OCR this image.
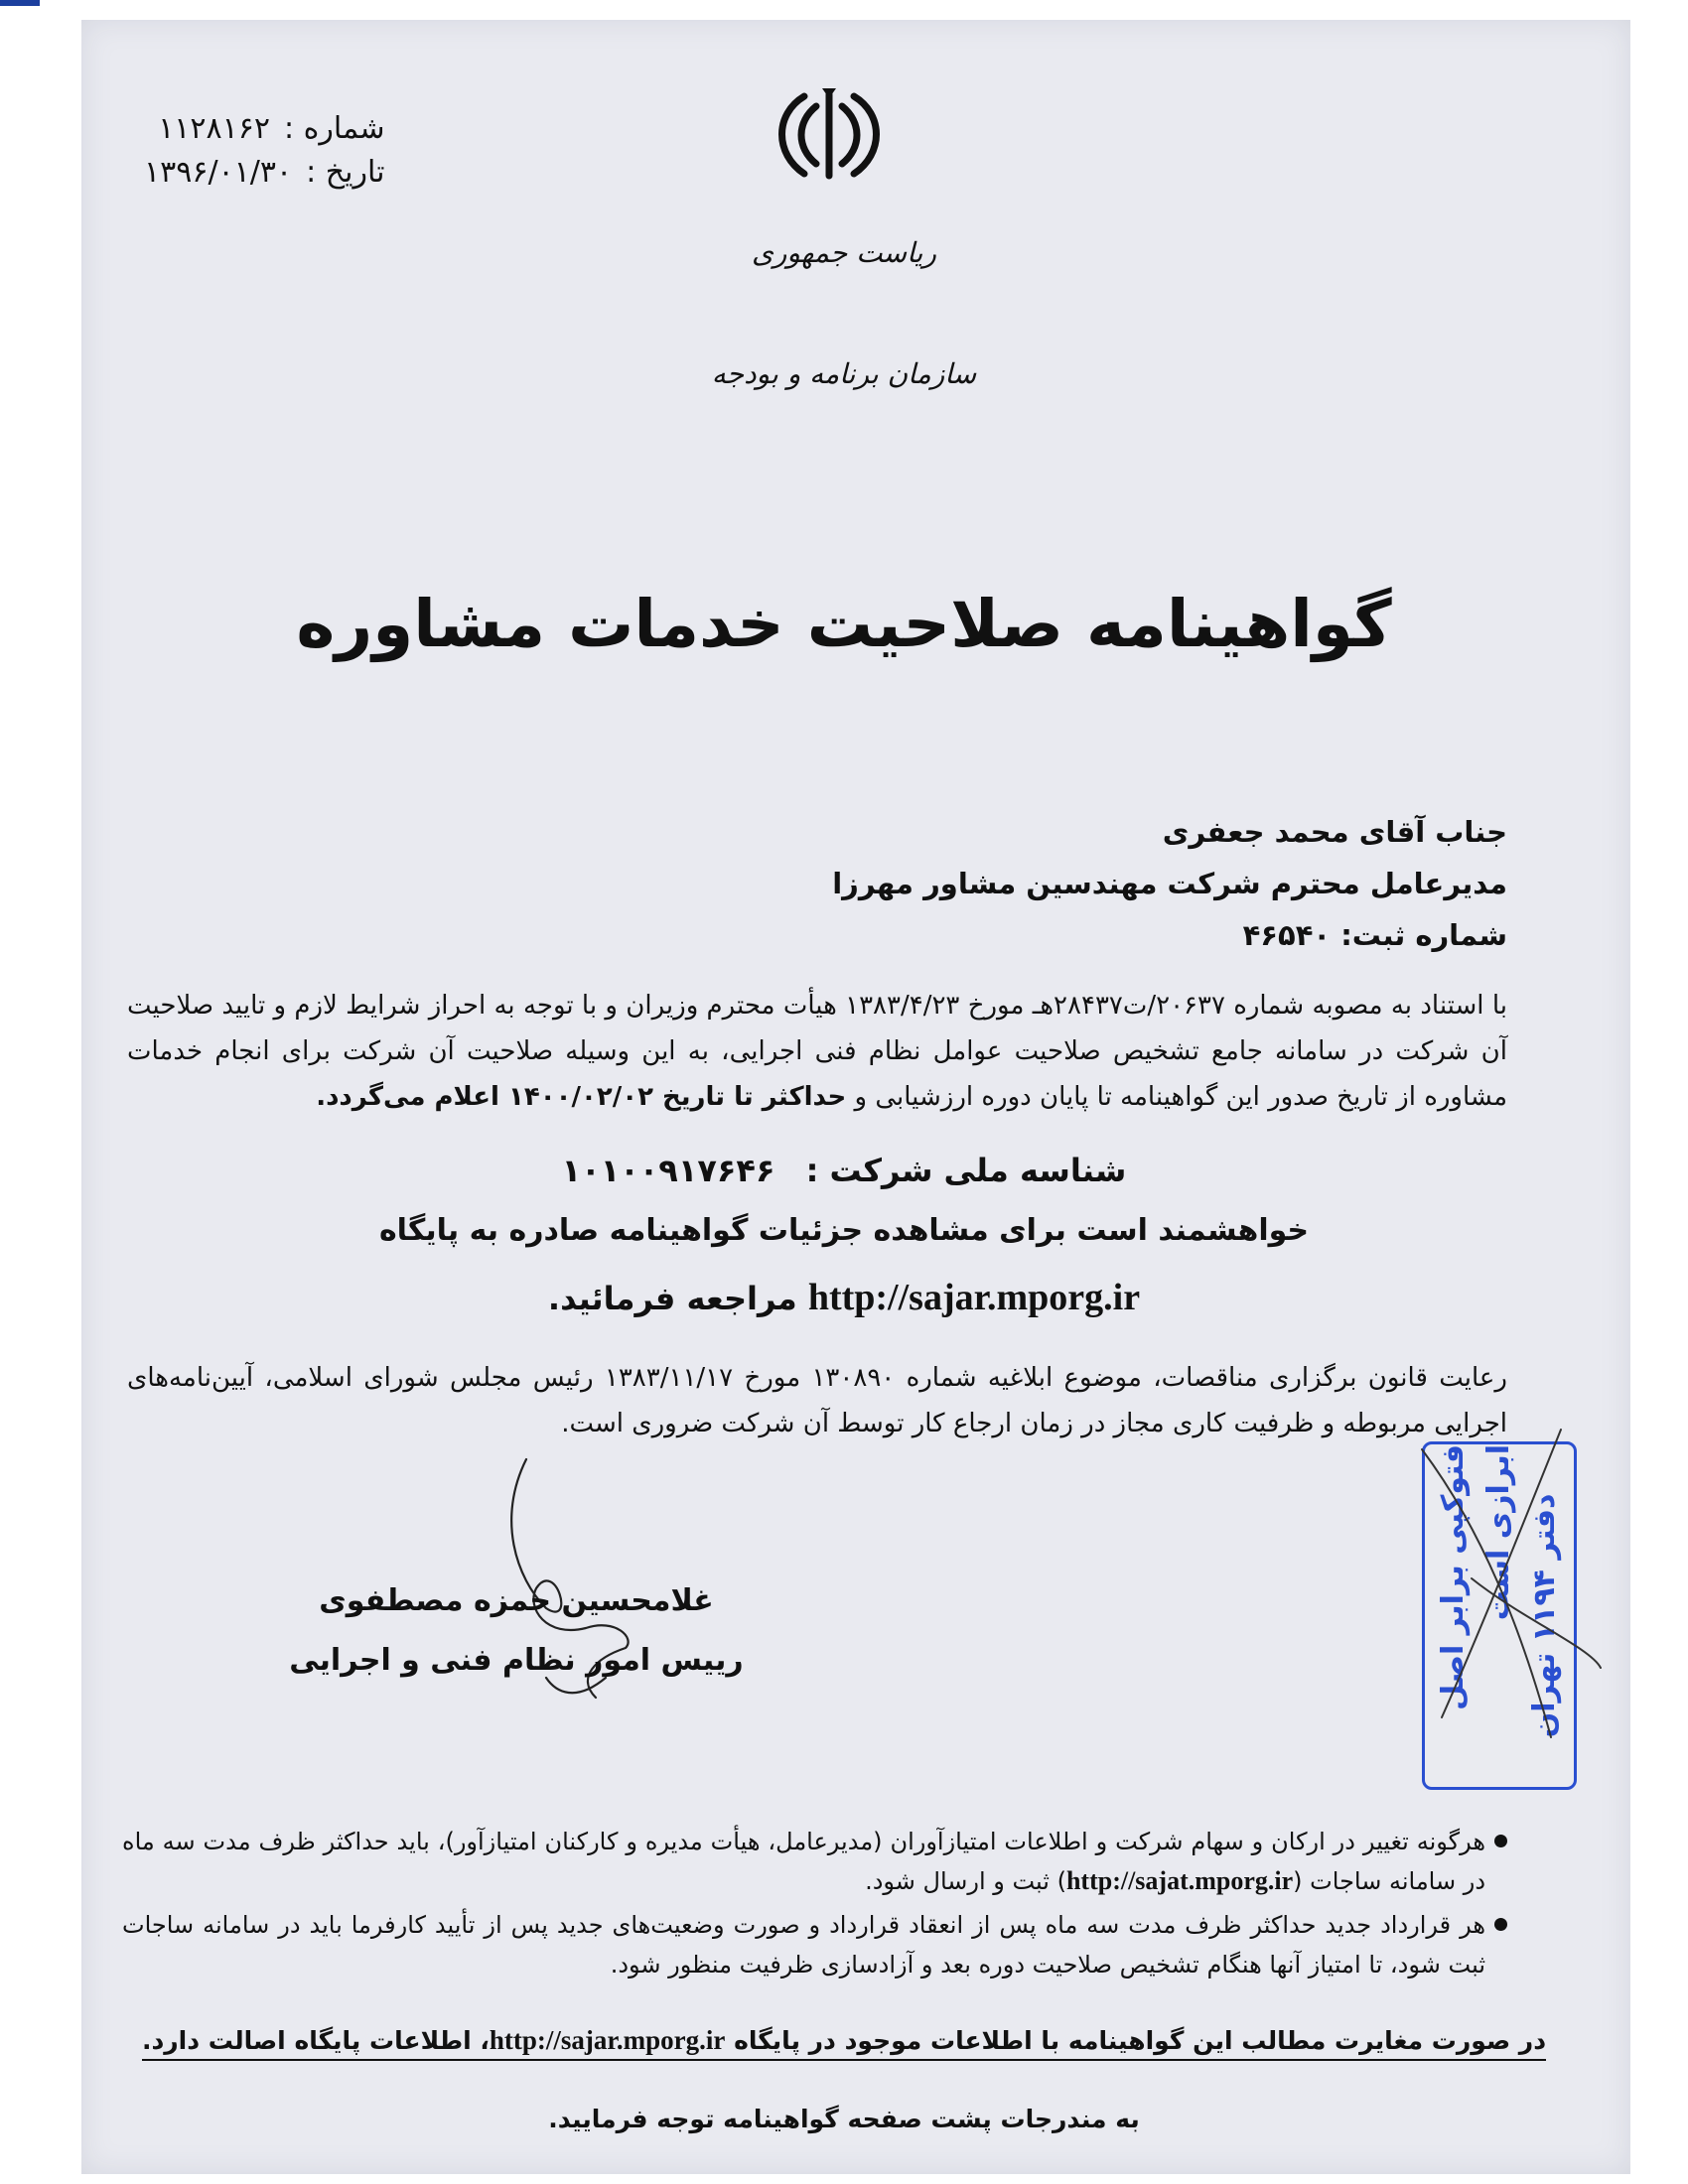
شماره :
۱۱۲۸۱۶۲
تاریخ :
۱۳۹۶/۰۱/۳۰
ریاست جمهوری
سازمان برنامه و بودجه
گواهینامه صلاحیت خدمات مشاوره
جناب آقای محمد جعفری
مدیرعامل محترم شرکت مهندسین مشاور مهرزا
شماره ثبت: ۴۶۵۴۰
با استناد به مصوبه شماره ۲۰۶۳۷/ت۲۸۴۳۷هـ مورخ ۱۳۸۳/۴/۲۳ هیأت محترم وزیران و با توجه به احراز شرایط لازم و تایید صلاحیت آن شرکت در سامانه جامع تشخیص صلاحیت عوامل نظام فنی اجرایی، به این وسیله صلاحیت آن شرکت برای انجام خدمات مشاوره از تاریخ صدور این گواهینامه تا پایان دوره ارزشیابی و حداکثر تا تاریخ ۱۴۰۰/۰۲/۰۲ اعلام می‌گردد.
شناسه ملی شرکت : ۱۰۱۰۰۹۱۷۶۴۶
خواهشمند است برای مشاهده جزئیات گواهینامه صادره به پایگاه
http://sajar.mporg.ir مراجعه فرمائید.
رعایت قانون برگزاری مناقصات، موضوع ابلاغیه شماره ۱۳۰۸۹۰ مورخ ۱۳۸۳/۱۱/۱۷ رئیس مجلس شورای اسلامی، آیین‌نامه‌های اجرایی مربوطه و ظرفیت کاری مجاز در زمان ارجاع کار توسط آن شرکت ضروری است.
غلامحسین حمزه مصطفوی
رییس امور نظام فنی و اجرایی	فتوکپی برابر اصل ابرازی است
دفتر ۱۱۹۴ تهران
هرگونه تغییر در ارکان و سهام شرکت و اطلاعات امتیازآوران (مدیرعامل، هیأت مدیره و کارکنان امتیازآور)، باید حداکثر ظرف مدت سه ماه در سامانه ساجات (http://sajat.mporg.ir) ثبت و ارسال شود.
هر قرارداد جدید حداکثر ظرف مدت سه ماه پس از انعقاد قرارداد و صورت وضعیت‌های جدید پس از تأیید کارفرما باید در سامانه ساجات ثبت شود، تا امتیاز آنها هنگام تشخیص صلاحیت دوره بعد و آزادسازی ظرفیت منظور شود.
در صورت مغایرت مطالب این گواهینامه با اطلاعات موجود در پایگاه http://sajar.mporg.ir، اطلاعات پایگاه اصالت دارد.
به مندرجات پشت صفحه گواهینامه توجه فرمایید.
